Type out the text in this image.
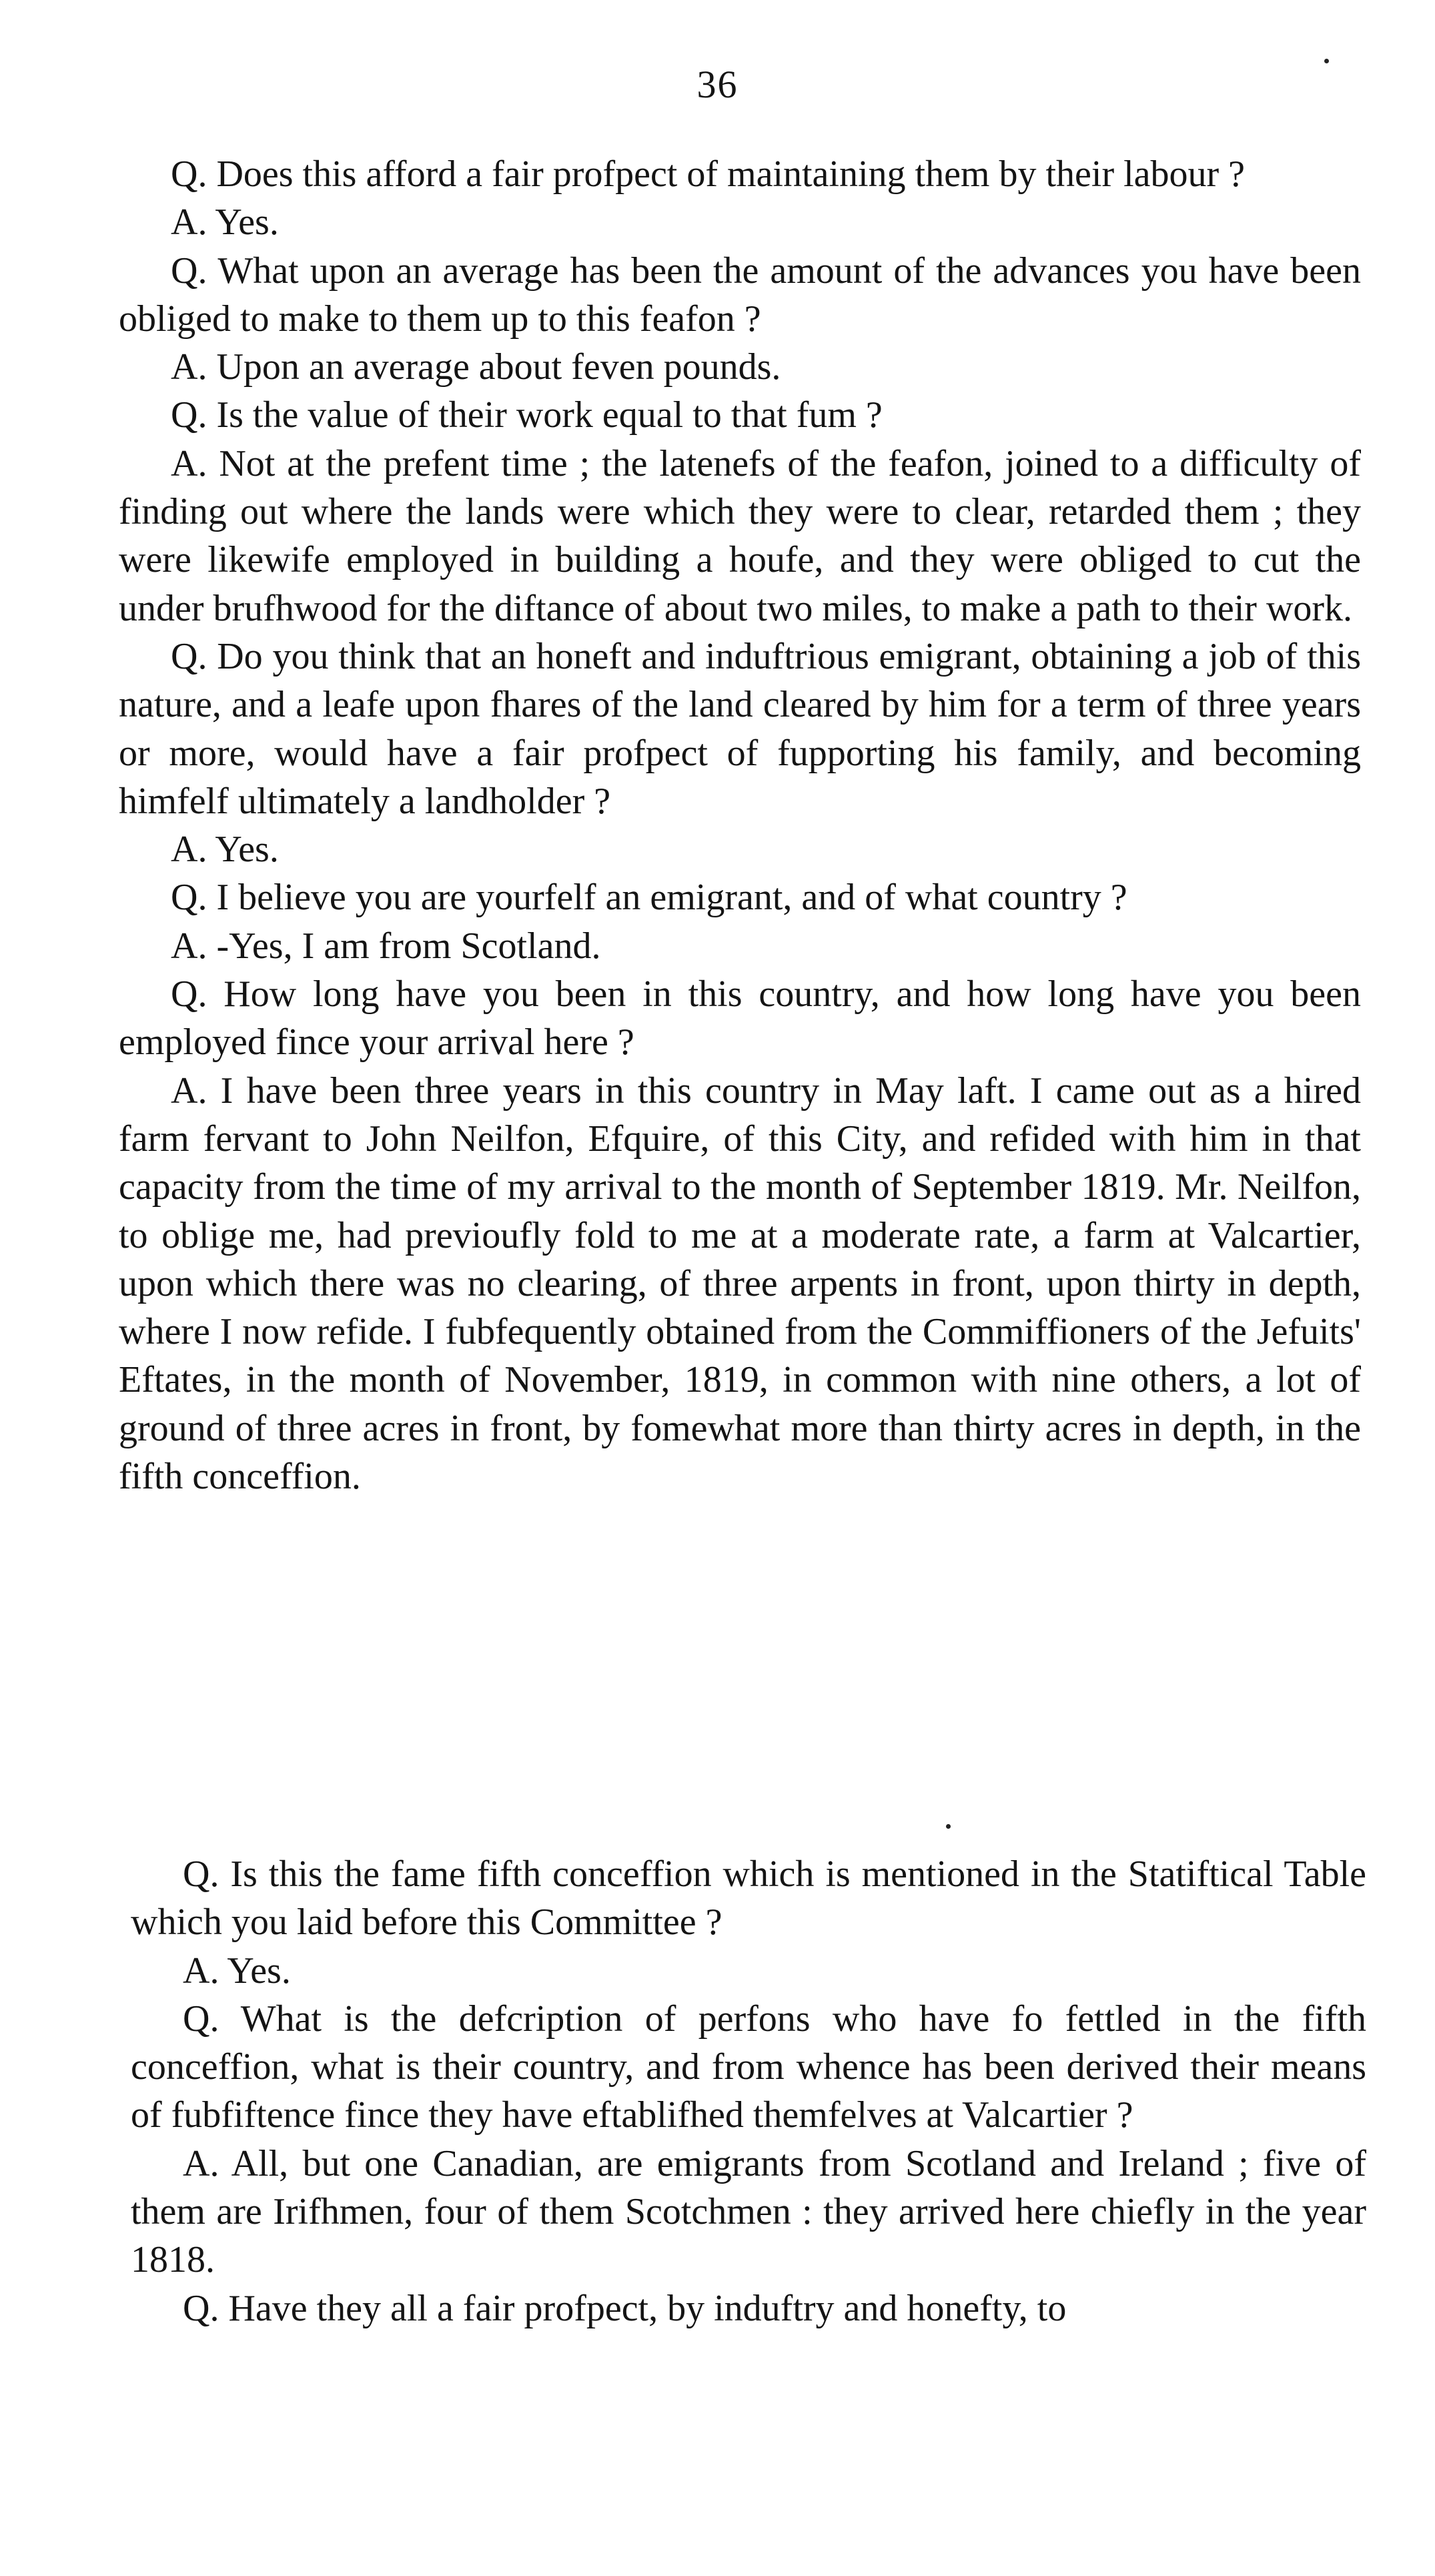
36

Q. Does this afford a fair profpect of maintaining them by their labour ?

A. Yes.

Q. What upon an average has been the amount of the advances you have been obliged to make to them up to this feafon ?

A. Upon an average about feven pounds.

Q. Is the value of their work equal to that fum ?

A. Not at the prefent time ; the latenefs of the feafon, joined to a difficulty of finding out where the lands were which they were to clear, retarded them ; they were likewife employed in building a houfe, and they were obliged to cut the under brufhwood for the diftance of about two miles, to make a path to their work.

Q. Do you think that an honeft and induftrious emigrant, obtaining a job of this nature, and a leafe upon fhares of the land cleared by him for a term of three years or more, would have a fair profpect of fupporting his family, and becoming himfelf ultimately a landholder ?

A. Yes.

Q. I believe you are yourfelf an emigrant, and of what country ?

A. -Yes, I am from Scotland.

Q. How long have you been in this country, and how long have you been employed fince your arrival here ?

A. I have been three years in this country in May laft. I came out as a hired farm fervant to John Neilfon, Efquire, of this City, and refided with him in that capacity from the time of my arrival to the month of September 1819. Mr. Neilfon, to oblige me, had previoufly fold to me at a moderate rate, a farm at Valcartier, upon which there was no clearing, of three arpents in front, upon thirty in depth, where I now refide. I fubfequently obtained from the Commiffioners of the Jefuits' Eftates, in the month of November, 1819, in common with nine others, a lot of ground of three acres in front, by fomewhat more than thirty acres in depth, in the fifth conceffion.

Q. Is this the fame fifth conceffion which is mentioned in the Statiftical Table which you laid before this Committee ?

A. Yes.

Q. What is the defcription of perfons who have fo fettled in the fifth conceffion, what is their country, and from whence has been derived their means of fubfiftence fince they have eftablifhed themfelves at Valcartier ?

A. All, but one Canadian, are emigrants from Scotland and Ireland ; five of them are Irifhmen, four of them Scotchmen : they arrived here chiefly in the year 1818.

Q. Have they all a fair profpect, by induftry and honefty, to
